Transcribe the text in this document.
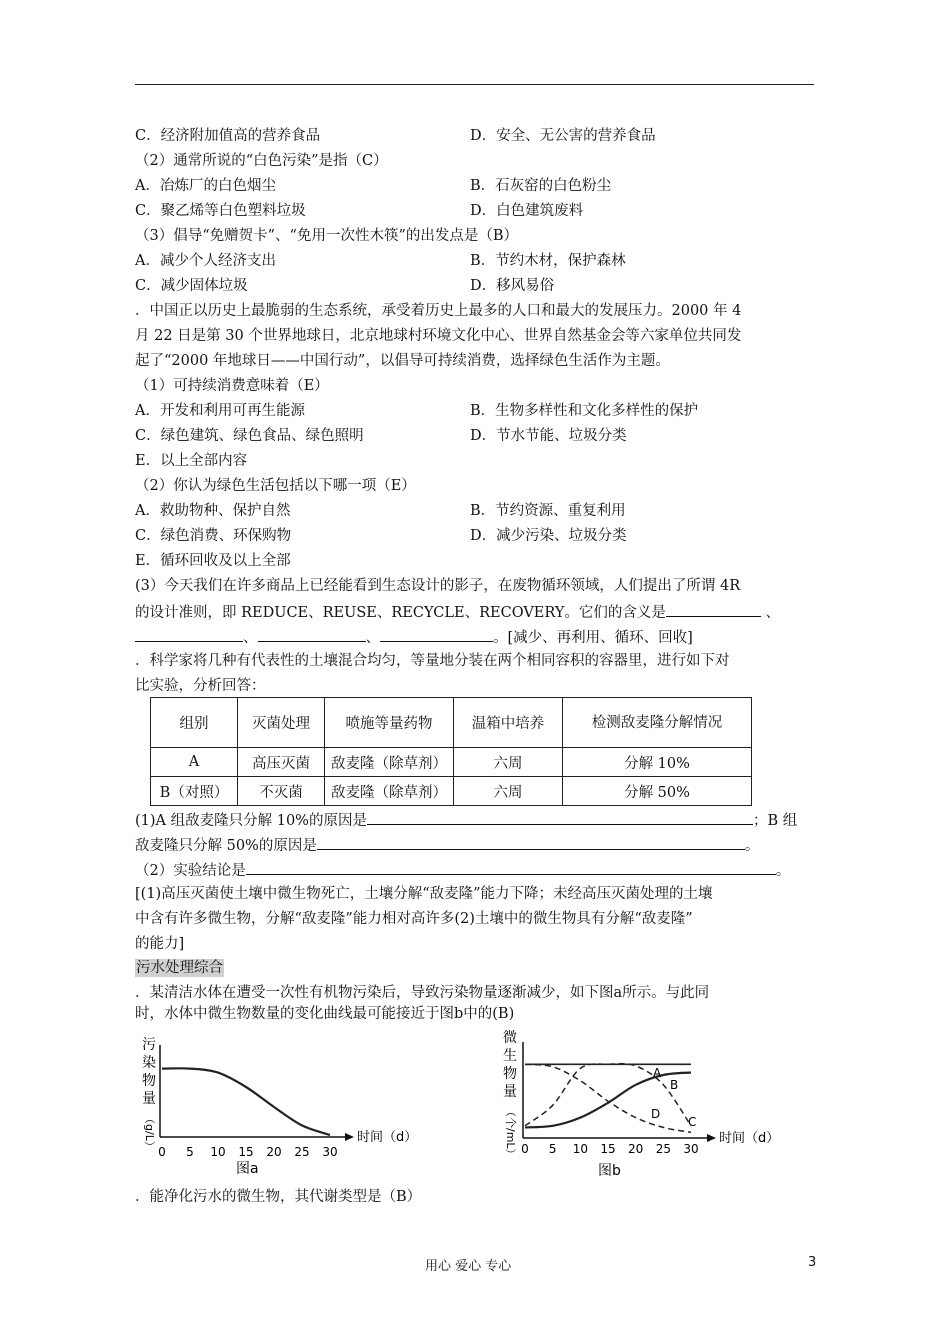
C．经济附加值高的营养食品	D．安全、无公害的营养食品
（2）通常所说的“白色污染”是指（C）
A．冶炼厂的白色烟尘	B．石灰窑的白色粉尘
C．聚乙烯等白色塑料垃圾	D．白色建筑废料
（3）倡导“免赠贺卡”、“免用一次性木筷”的出发点是（B）
A．减少个人经济支出	B．节约木材，保护森林
C．减少固体垃圾	D．移风易俗
．中国正以历史上最脆弱的生态系统，承受着历史上最多的人口和最大的发展压力。2000 年 4
月 22 日是第 30 个世界地球日，北京地球村环境文化中心、世界自然基金会等六家单位共同发
起了“2000 年地球日——中国行动”，以倡导可持续消费，选择绿色生活作为主题。
（1）可持续消费意味着（E）
A．开发和利用可再生能源	B．生物多样性和文化多样性的保护
C．绿色建筑、绿色食品、绿色照明	D．节水节能、垃圾分类
E．以上全部内容
（2）你认为绿色生活包括以下哪一项（E）
A．救助物种、保护自然	B．节约资源、重复利用
C．绿色消费、环保购物	D．减少污染、垃圾分类
E．循环回收及以上全部
(3）今天我们在许多商品上已经能看到生态设计的影子，在废物循环领域，人们提出了所谓 4R
的设计准则，即 REDUCE、REUSE、RECYCLE、RECOVERY。它们的含义是	、
、	、	。[减少、再利用、循环、回收]
．科学家将几种有代表性的土壤混合均匀，等量地分装在两个相同容积的容器里，进行如下对
比实验，分析回答：
组别	灭菌处理	喷施等量药物	温箱中培养	检测敌麦隆分解情况
A	高压灭菌	敌麦隆（除草剂）	六周	分解 10%
B（对照）	不灭菌	敌麦隆（除草剂）	六周	分解 50%
(1)A 组敌麦隆只分解 10%的原因是	；B 组
敌麦隆只分解 50%的原因是	。
（2）实验结论是	。
[(1)高压灭菌使土壤中微生物死亡，土壤分解“敌麦隆”能力下降；未经高压灭菌处理的土壤
中含有许多微生物，分解“敌麦隆”能力相对高许多(2)土壤中的微生物具有分解“敌麦隆”
的能力]
污水处理综合
．某清洁水体在遭受一次性有机物污染后，导致污染物量逐渐减少，如下图a所示。与此同
时，水体中微生物数量的变化曲线最可能接近于图b中的(B)
污染物量
（g/L）	时间（d）
0 5 10 15 20 25 30
图a
微生物量
（个/mL）	时间（d）
0 5 10 15 20 25 30
A
B
C
D
图b
．能净化污水的微生物，其代谢类型是（B）
用心 爱心 专心	3
